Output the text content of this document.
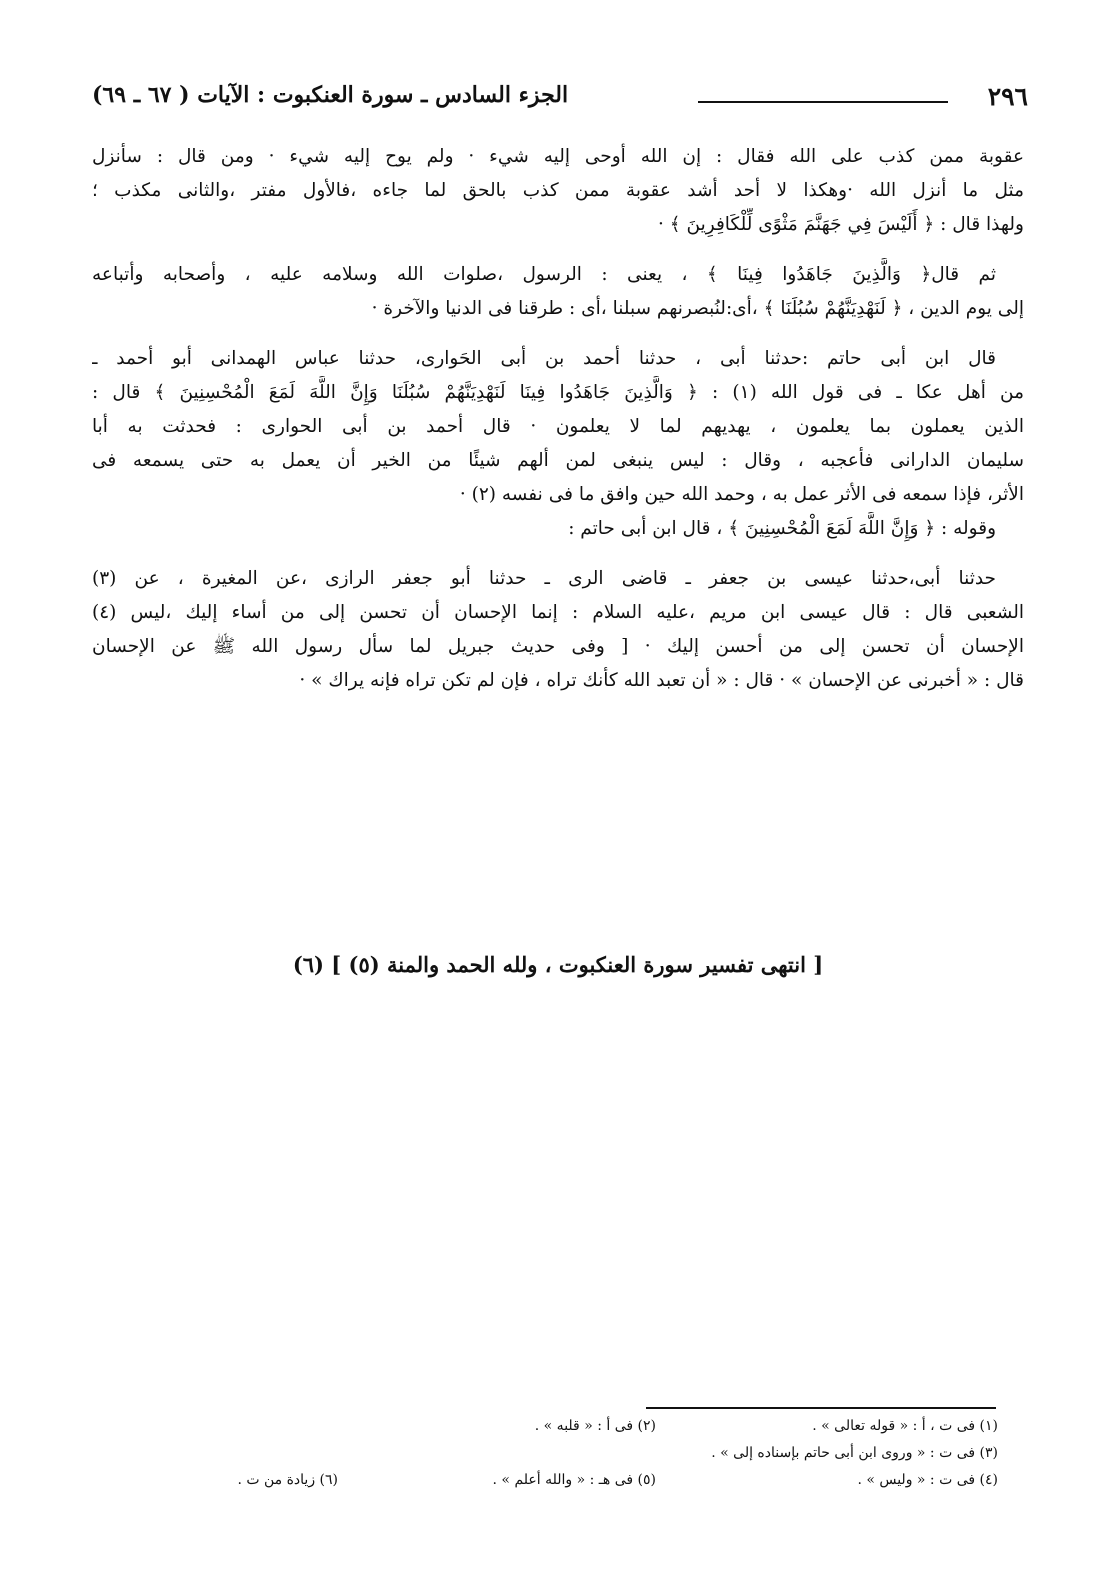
٢٩٦
الجزء السادس ـ سورة العنكبوت : الآيات ( ٦٧ ـ ٦٩)
عقوبة ممن كذب على الله فقال : إن الله أوحى إليه شيء · ولم يوح إليه شيء · ومن قال : سأنزل
مثل ما أنزل الله ·وهكذا لا أحد أشد عقوبة ممن كذب بالحق لما جاءه ،فالأول مفتر ،والثانى مكذب ؛
ولهذا قال : ﴿ أَلَيْسَ فِي جَهَنَّمَ مَثْوًى لِّلْكَافِرِينَ ﴾ ·
ثم قال﴿ وَالَّذِينَ جَاهَدُوا فِينَا ﴾ ، يعنى : الرسول ،صلوات الله وسلامه عليه ، وأصحابه وأتباعه
إلى يوم الدين ، ﴿ لَنَهْدِيَنَّهُمْ سُبُلَنَا ﴾ ،أى:لنُبصرنهم سبلنا ،أى : طرقنا فى الدنيا والآخرة ·
قال ابن أبى حاتم :حدثنا أبى ، حدثنا أحمد بن أبى الحَوارى، حدثنا عباس الهمدانى أبو أحمد ـ
من أهل عكا ـ فى قول الله (١) : ﴿ وَالَّذِينَ جَاهَدُوا فِينَا لَنَهْدِيَنَّهُمْ سُبُلَنَا وَإِنَّ اللَّهَ لَمَعَ الْمُحْسِنِينَ ﴾ قال :
الذين يعملون بما يعلمون ، يهديهم لما لا يعلمون · قال أحمد بن أبى الحوارى : فحدثت به أبا
سليمان الدارانى فأعجبه ، وقال : ليس ينبغى لمن ألهم شيئًا من الخير أن يعمل به حتى يسمعه فى
الأثر، فإذا سمعه فى الأثر عمل به ، وحمد الله حين وافق ما فى نفسه (٢) ·
وقوله : ﴿ وَإِنَّ اللَّهَ لَمَعَ الْمُحْسِنِينَ ﴾ ، قال ابن أبى حاتم :
حدثنا أبى،حدثنا عيسى بن جعفر ـ قاضى الرى ـ حدثنا أبو جعفر الرازى ،عن المغيرة ، عن (٣)
الشعبى قال : قال عيسى ابن مريم ،عليه السلام : إنما الإحسان أن تحسن إلى من أساء إليك ،ليس (٤)
الإحسان أن تحسن إلى من أحسن إليك · [ وفى حديث جبريل لما سأل رسول الله ﷺ عن الإحسان
قال : « أخبرنى عن الإحسان » · قال : « أن تعبد الله كأنك تراه ، فإن لم تكن تراه فإنه يراك » ·
[ انتهى تفسير سورة العنكبوت ، ولله الحمد والمنة (٥) ] (٦)
(١) فى ت ، أ : « قوله تعالى » .
(٢) فى أ : « قلبه » .
(٣) فى ت : « وروى ابن أبى حاتم بإسناده إلى » .
(٤) فى ت : « وليس » .
(٥) فى هـ : « والله أعلم » .
(٦) زيادة من ت .
